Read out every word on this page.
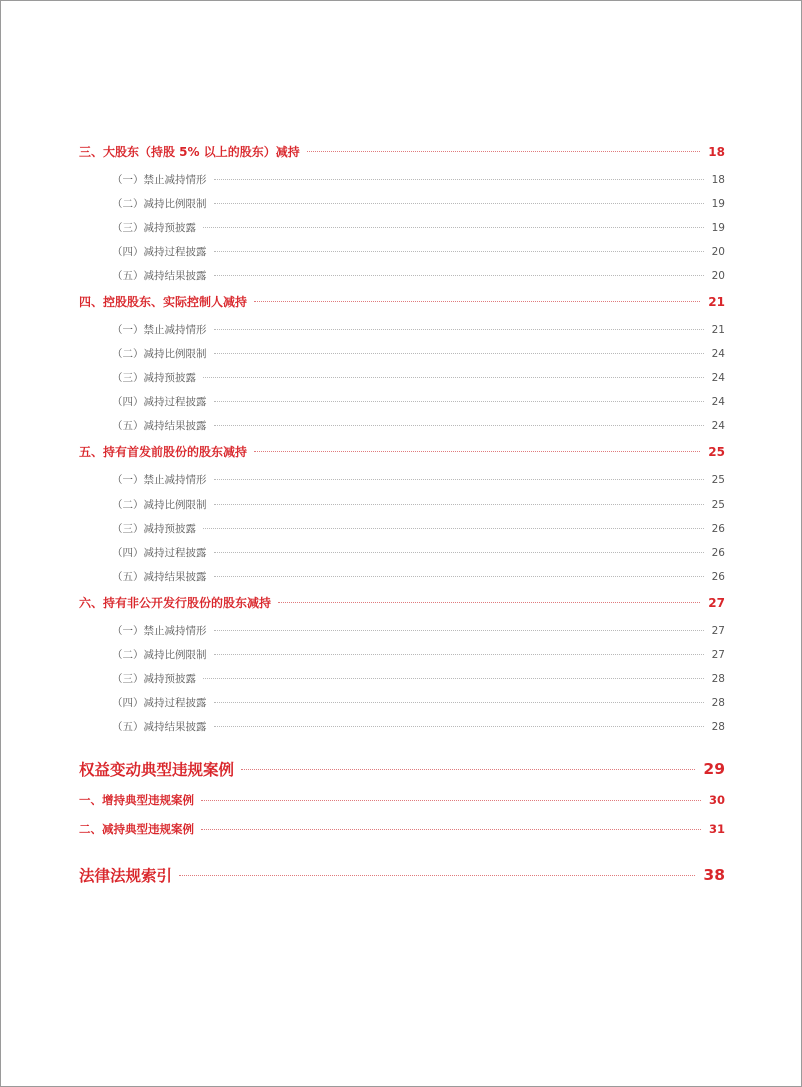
三、大股东（持股 5% 以上的股东）减持	18
（一）禁止减持情形	18
（二）减持比例限制	19
（三）减持预披露	19
（四）减持过程披露	20
（五）减持结果披露	20
四、控股股东、实际控制人减持	21
（一）禁止减持情形	21
（二）减持比例限制	24
（三）减持预披露	24
（四）减持过程披露	24
（五）减持结果披露	24
五、持有首发前股份的股东减持	25
（一）禁止减持情形	25
（二）减持比例限制	25
（三）减持预披露	26
（四）减持过程披露	26
（五）减持结果披露	26
六、持有非公开发行股份的股东减持	27
（一）禁止减持情形	27
（二）减持比例限制	27
（三）减持预披露	28
（四）减持过程披露	28
（五）减持结果披露	28
权益变动典型违规案例	29
一、增持典型违规案例	30
二、减持典型违规案例	31
法律法规索引	38
